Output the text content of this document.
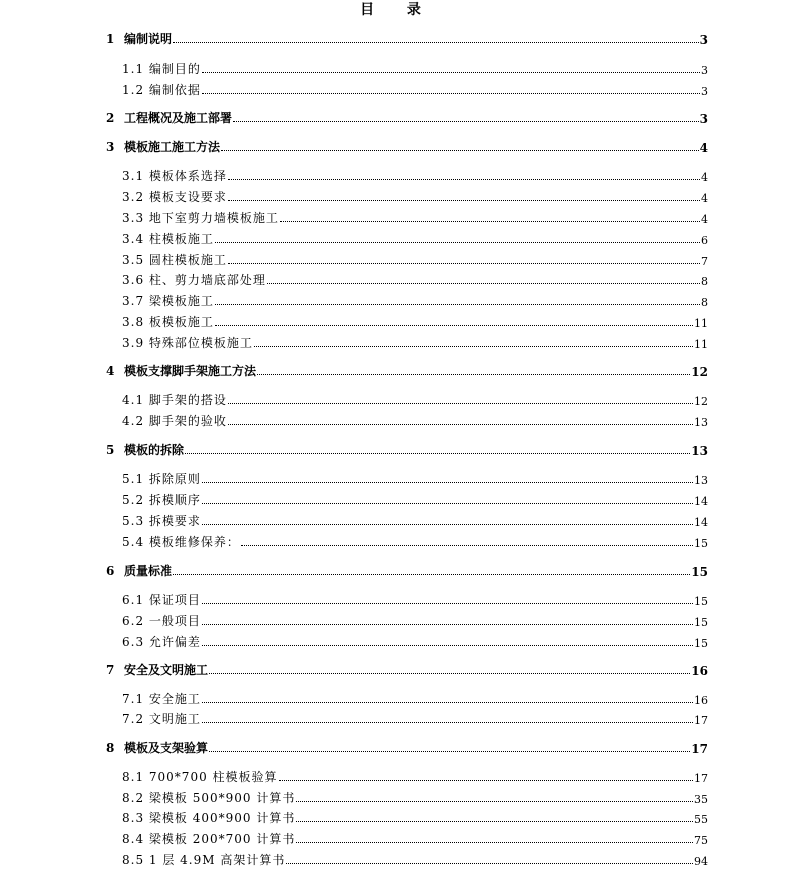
目 录
1 编制说明	3
1.1 编制目的	3
1.2 编制依据	3
2 工程概况及施工部署	3
3 模板施工施工方法	4
3.1 模板体系选择	4
3.2 模板支设要求	4
3.3 地下室剪力墙模板施工	4
3.4 柱模板施工	6
3.5 圆柱模板施工	7
3.6 柱、剪力墙底部处理	8
3.7 梁模板施工	8
3.8 板模板施工	11
3.9 特殊部位模板施工	11
4 模板支撑脚手架施工方法	12
4.1 脚手架的搭设	12
4.2 脚手架的验收	13
5 模板的拆除	13
5.1 拆除原则	13
5.2 拆模顺序	14
5.3 拆模要求	14
5.4 模板维修保养：	15
6 质量标准	15
6.1 保证项目	15
6.2 一般项目	15
6.3 允许偏差	15
7 安全及文明施工	16
7.1 安全施工	16
7.2 文明施工	17
8 模板及支架验算	17
8.1 700*700 柱模板验算	17
8.2 梁模板 500*900 计算书	35
8.3 梁模板 400*900 计算书	55
8.4 梁模板 200*700 计算书	75
8.5 1 层 4.9M 高架计算书	94
